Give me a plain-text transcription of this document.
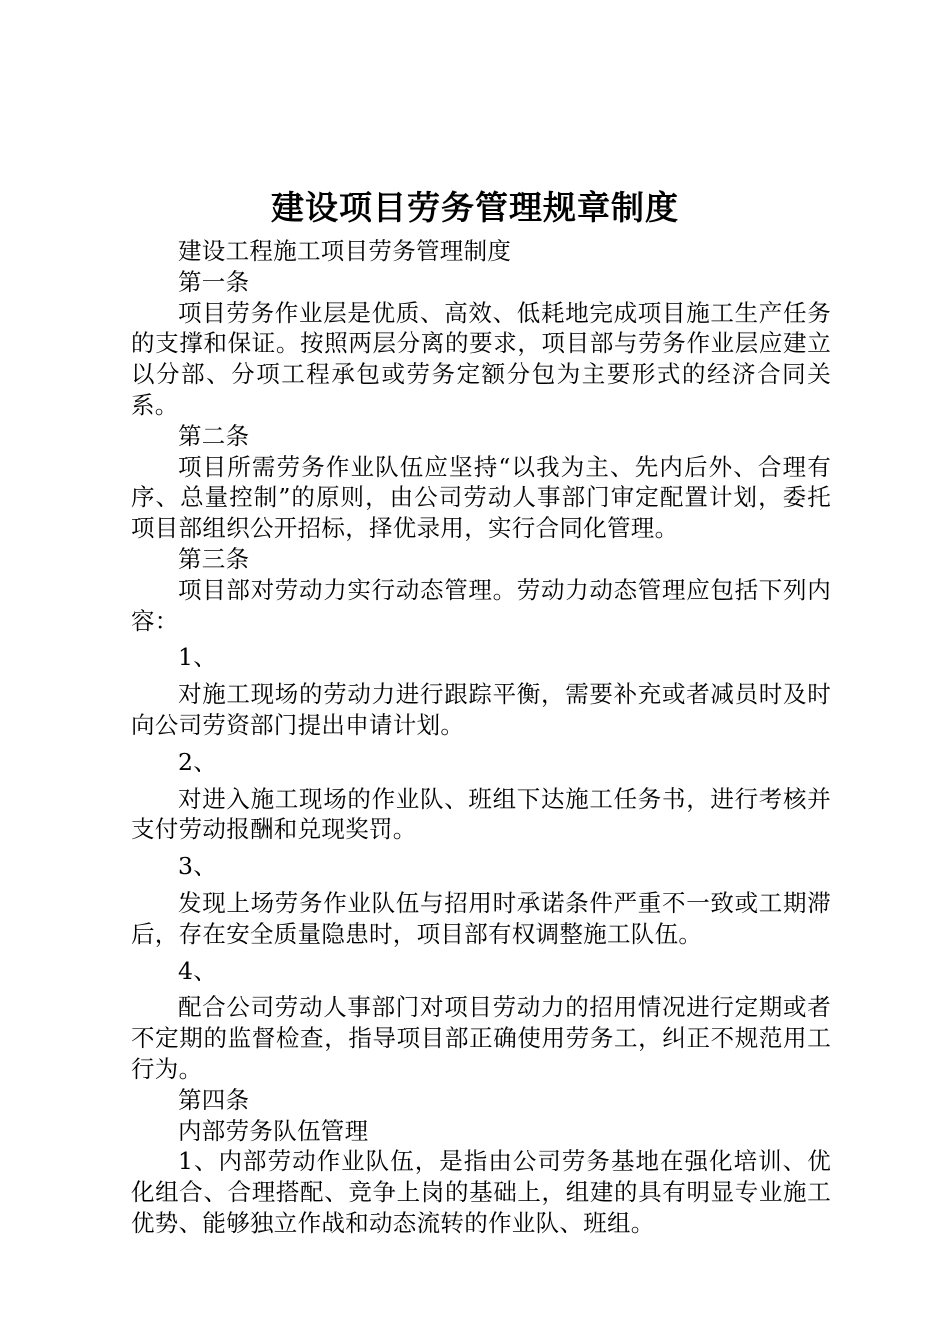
建设项目劳务管理规章制度

建设工程施工项目劳务管理制度

第一条

项目劳务作业层是优质、高效、低耗地完成项目施工生产任务的支撑和保证。按照两层分离的要求，项目部与劳务作业层应建立以分部、分项工程承包或劳务定额分包为主要形式的经济合同关系。

第二条

项目所需劳务作业队伍应坚持“以我为主、先内后外、合理有序、总量控制”的原则，由公司劳动人事部门审定配置计划，委托项目部组织公开招标，择优录用，实行合同化管理。

第三条

项目部对劳动力实行动态管理。劳动力动态管理应包括下列内容：

1、

对施工现场的劳动力进行跟踪平衡，需要补充或者减员时及时向公司劳资部门提出申请计划。

2、

对进入施工现场的作业队、班组下达施工任务书，进行考核并支付劳动报酬和兑现奖罚。

3、

发现上场劳务作业队伍与招用时承诺条件严重不一致或工期滞后，存在安全质量隐患时，项目部有权调整施工队伍。

4、

配合公司劳动人事部门对项目劳动力的招用情况进行定期或者不定期的监督检查，指导项目部正确使用劳务工，纠正不规范用工行为。

第四条

内部劳务队伍管理

1、内部劳动作业队伍，是指由公司劳务基地在强化培训、优化组合、合理搭配、竞争上岗的基础上，组建的具有明显专业施工优势、能够独立作战和动态流转的作业队、班组。
